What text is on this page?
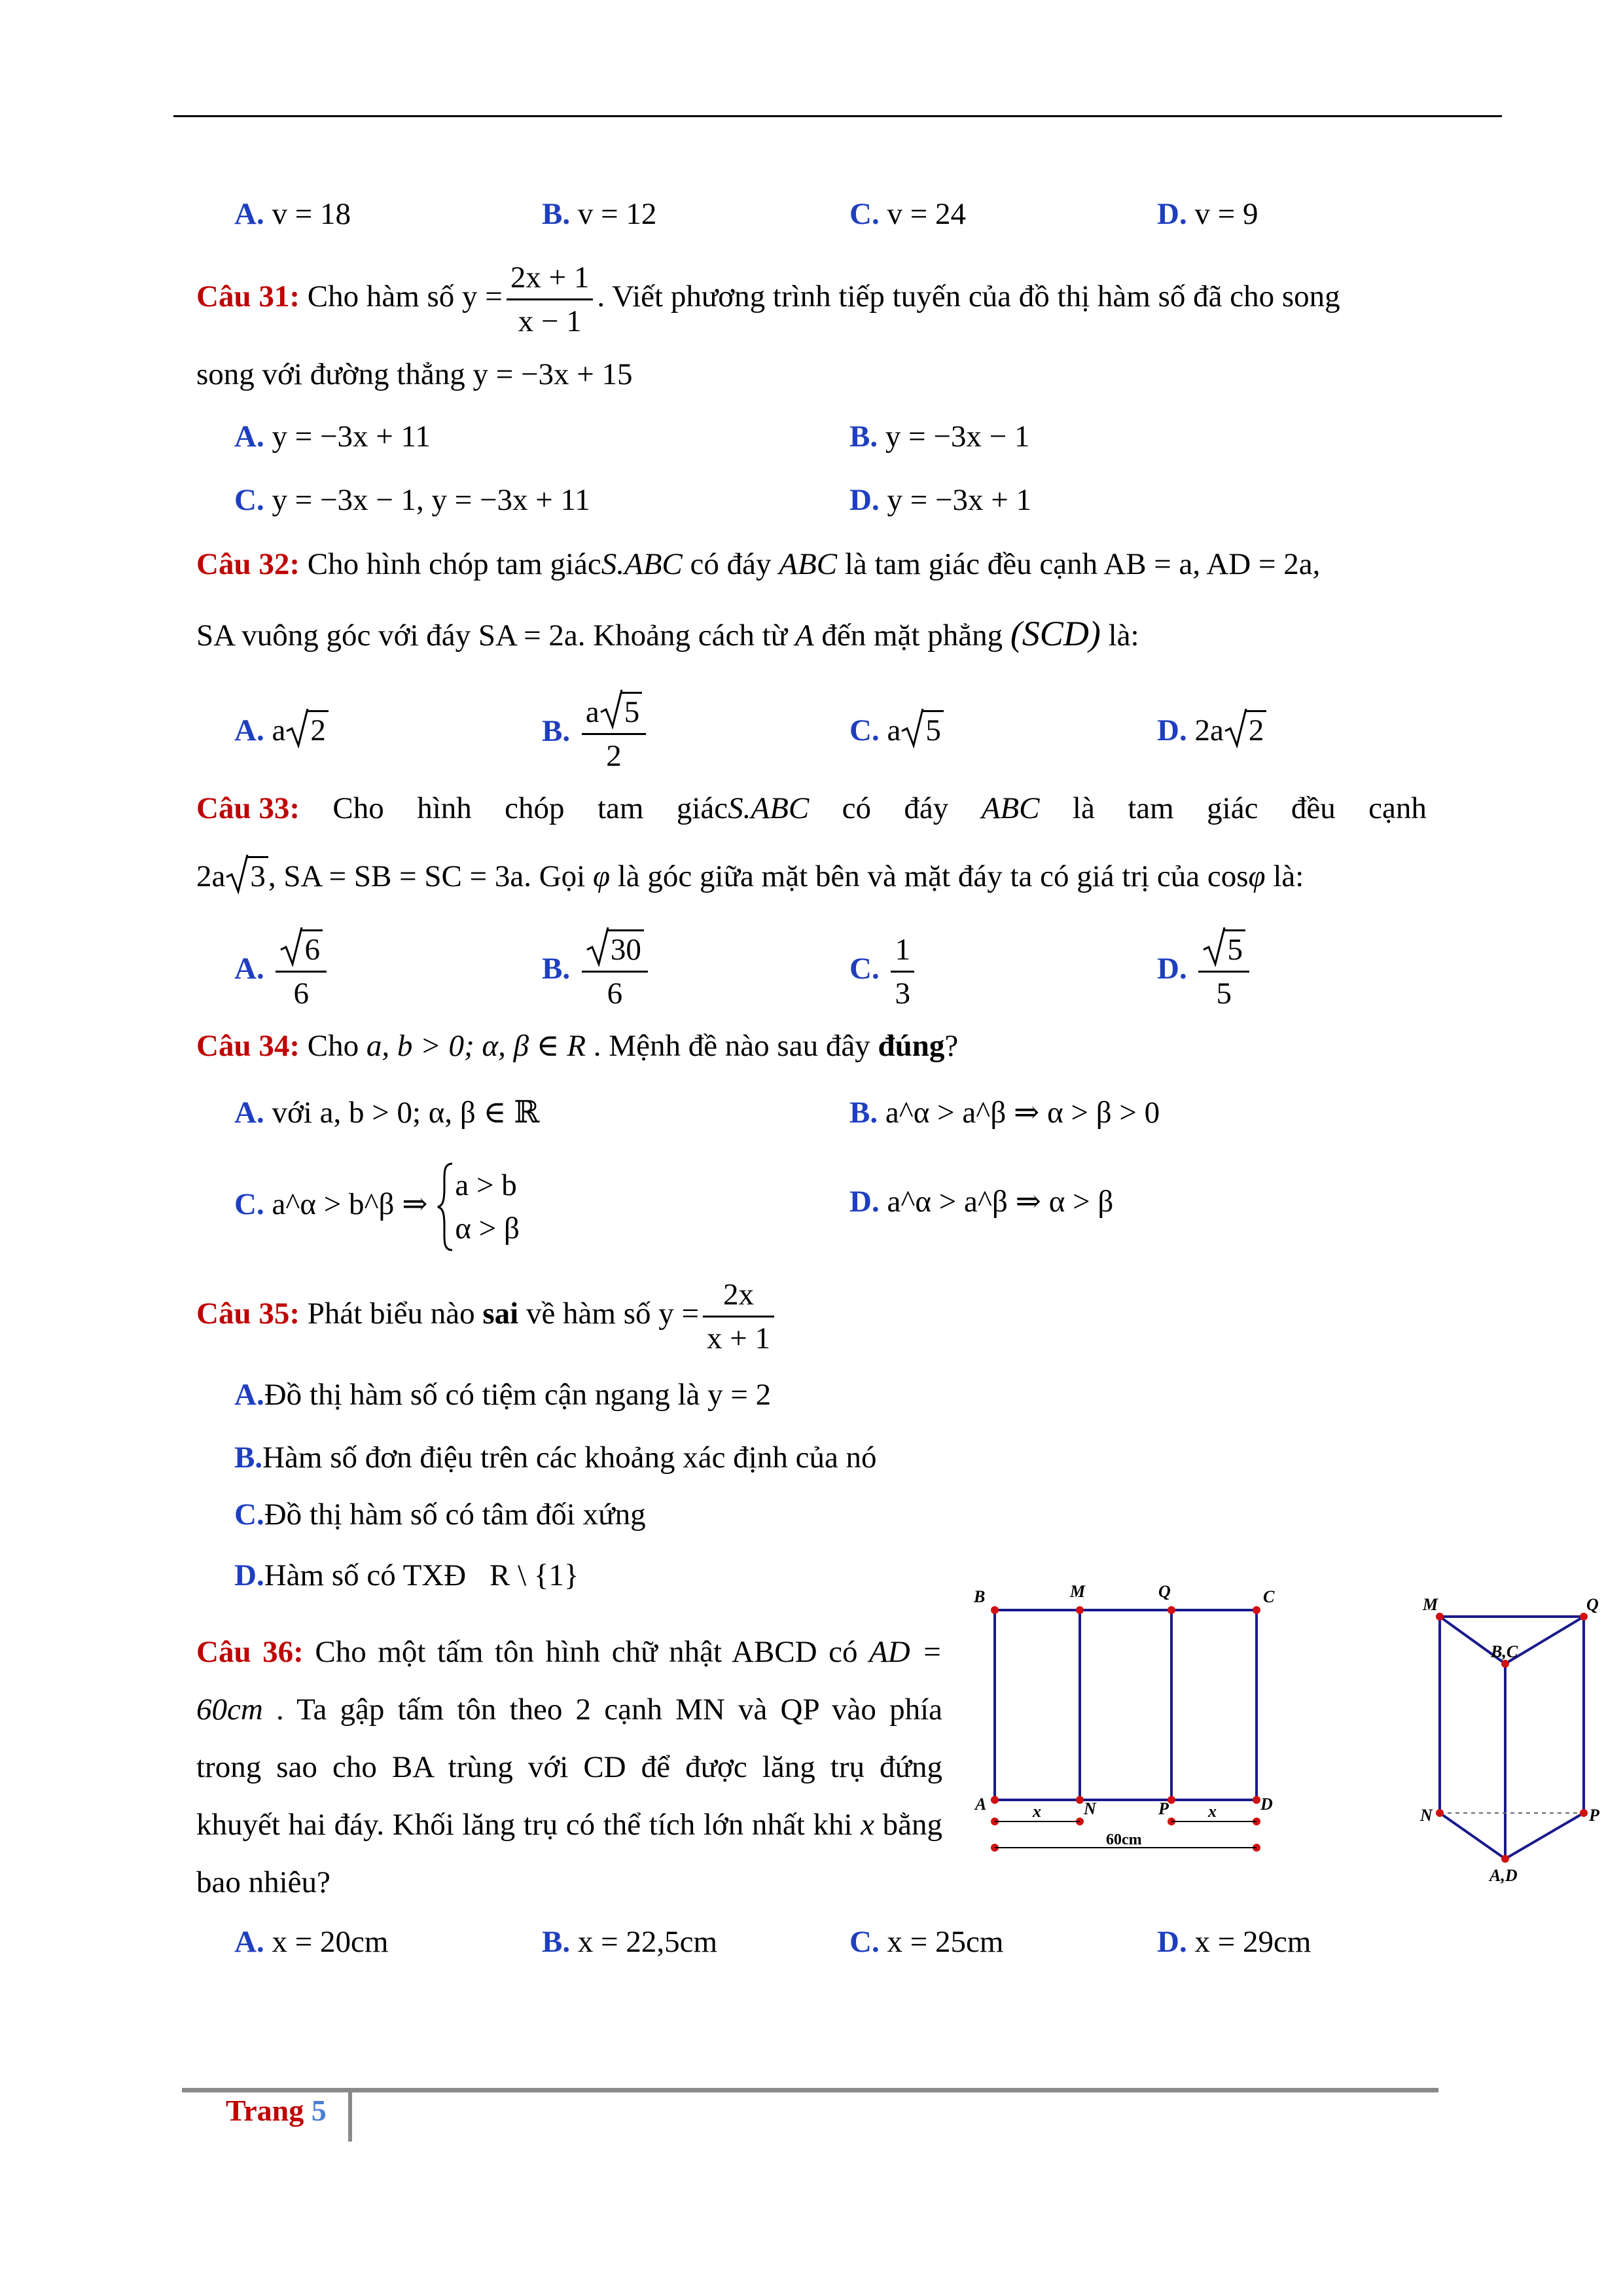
A. v = 18	B. v = 12	C. v = 24	D. v = 9
Câu 31: Cho hàm số $y = \frac{2x + 1}{x - 1}$ . Viết phương trình tiếp tuyến của đồ thị hàm số đã cho song
song với đường thẳng y = −3x + 15
A. y = −3x + 11	B. y = −3x − 1
C. y = −3x − 1, y = −3x + 11	D. y = −3x + 1
Câu 32: Cho hình chóp tam giácS.ABC có đáy ABC là tam giác đều cạnh AB = a, AD = 2a,
SA vuông góc với đáy SA = 2a. Khoảng cách từ A đến mặt phẳng (SCD) là:
A. a 2	B. $\frac{a 5}{2}$	C. a 5	D. 2a 2
Câu 33: Cho hình chóp tam giácS.ABC có đáy ABC là tam giác đều cạnh
2a 3, SA = SB = SC = 3a. Gọi φ là góc giữa mặt bên và mặt đáy ta có giá trị của cosφ là:
A. $\frac{6}{6}$	B. $\frac{30}{6}$	C. $\frac{1}{3}$	D. $\frac{5}{5}$
Câu 34: Cho a, b > 0; α, β ∈ R . Mệnh đề nào sau đây đúng?
A. với a, b > 0; α, β ∈ ℝ	B. a^α > a^β ⇒ α > β > 0
C. a^α > b^β ⇒
a > b
α > β
D. a^α > a^β ⇒ α > β
Câu 35: Phát biểu nào sai về hàm số $y = \frac{2x}{x + 1}$
A.Đồ thị hàm số có tiệm cận ngang là y = 2
B.Hàm số đơn điệu trên các khoảng xác định của nó
C.Đồ thị hàm số có tâm đối xứng
D.Hàm số có TXĐ R \ {1}
Câu 36: Cho một tấm tôn hình chữ nhật ABCD có AD = 60cm . Ta gập tấm tôn theo 2 cạnh MN và QP vào phía trong sao cho BA trùng với CD để được lăng trụ đứng khuyết hai đáy. Khối lăng trụ có thể tích lớn nhất khi x bằng bao nhiêu?
B	M	Q	C
A	N	P	D
x	x
60cm
M	Q
B,C
N	P
A,D
A. x = 20cm	B. x = 22,5cm	C. x = 25cm	D. x = 29cm
Trang 5
